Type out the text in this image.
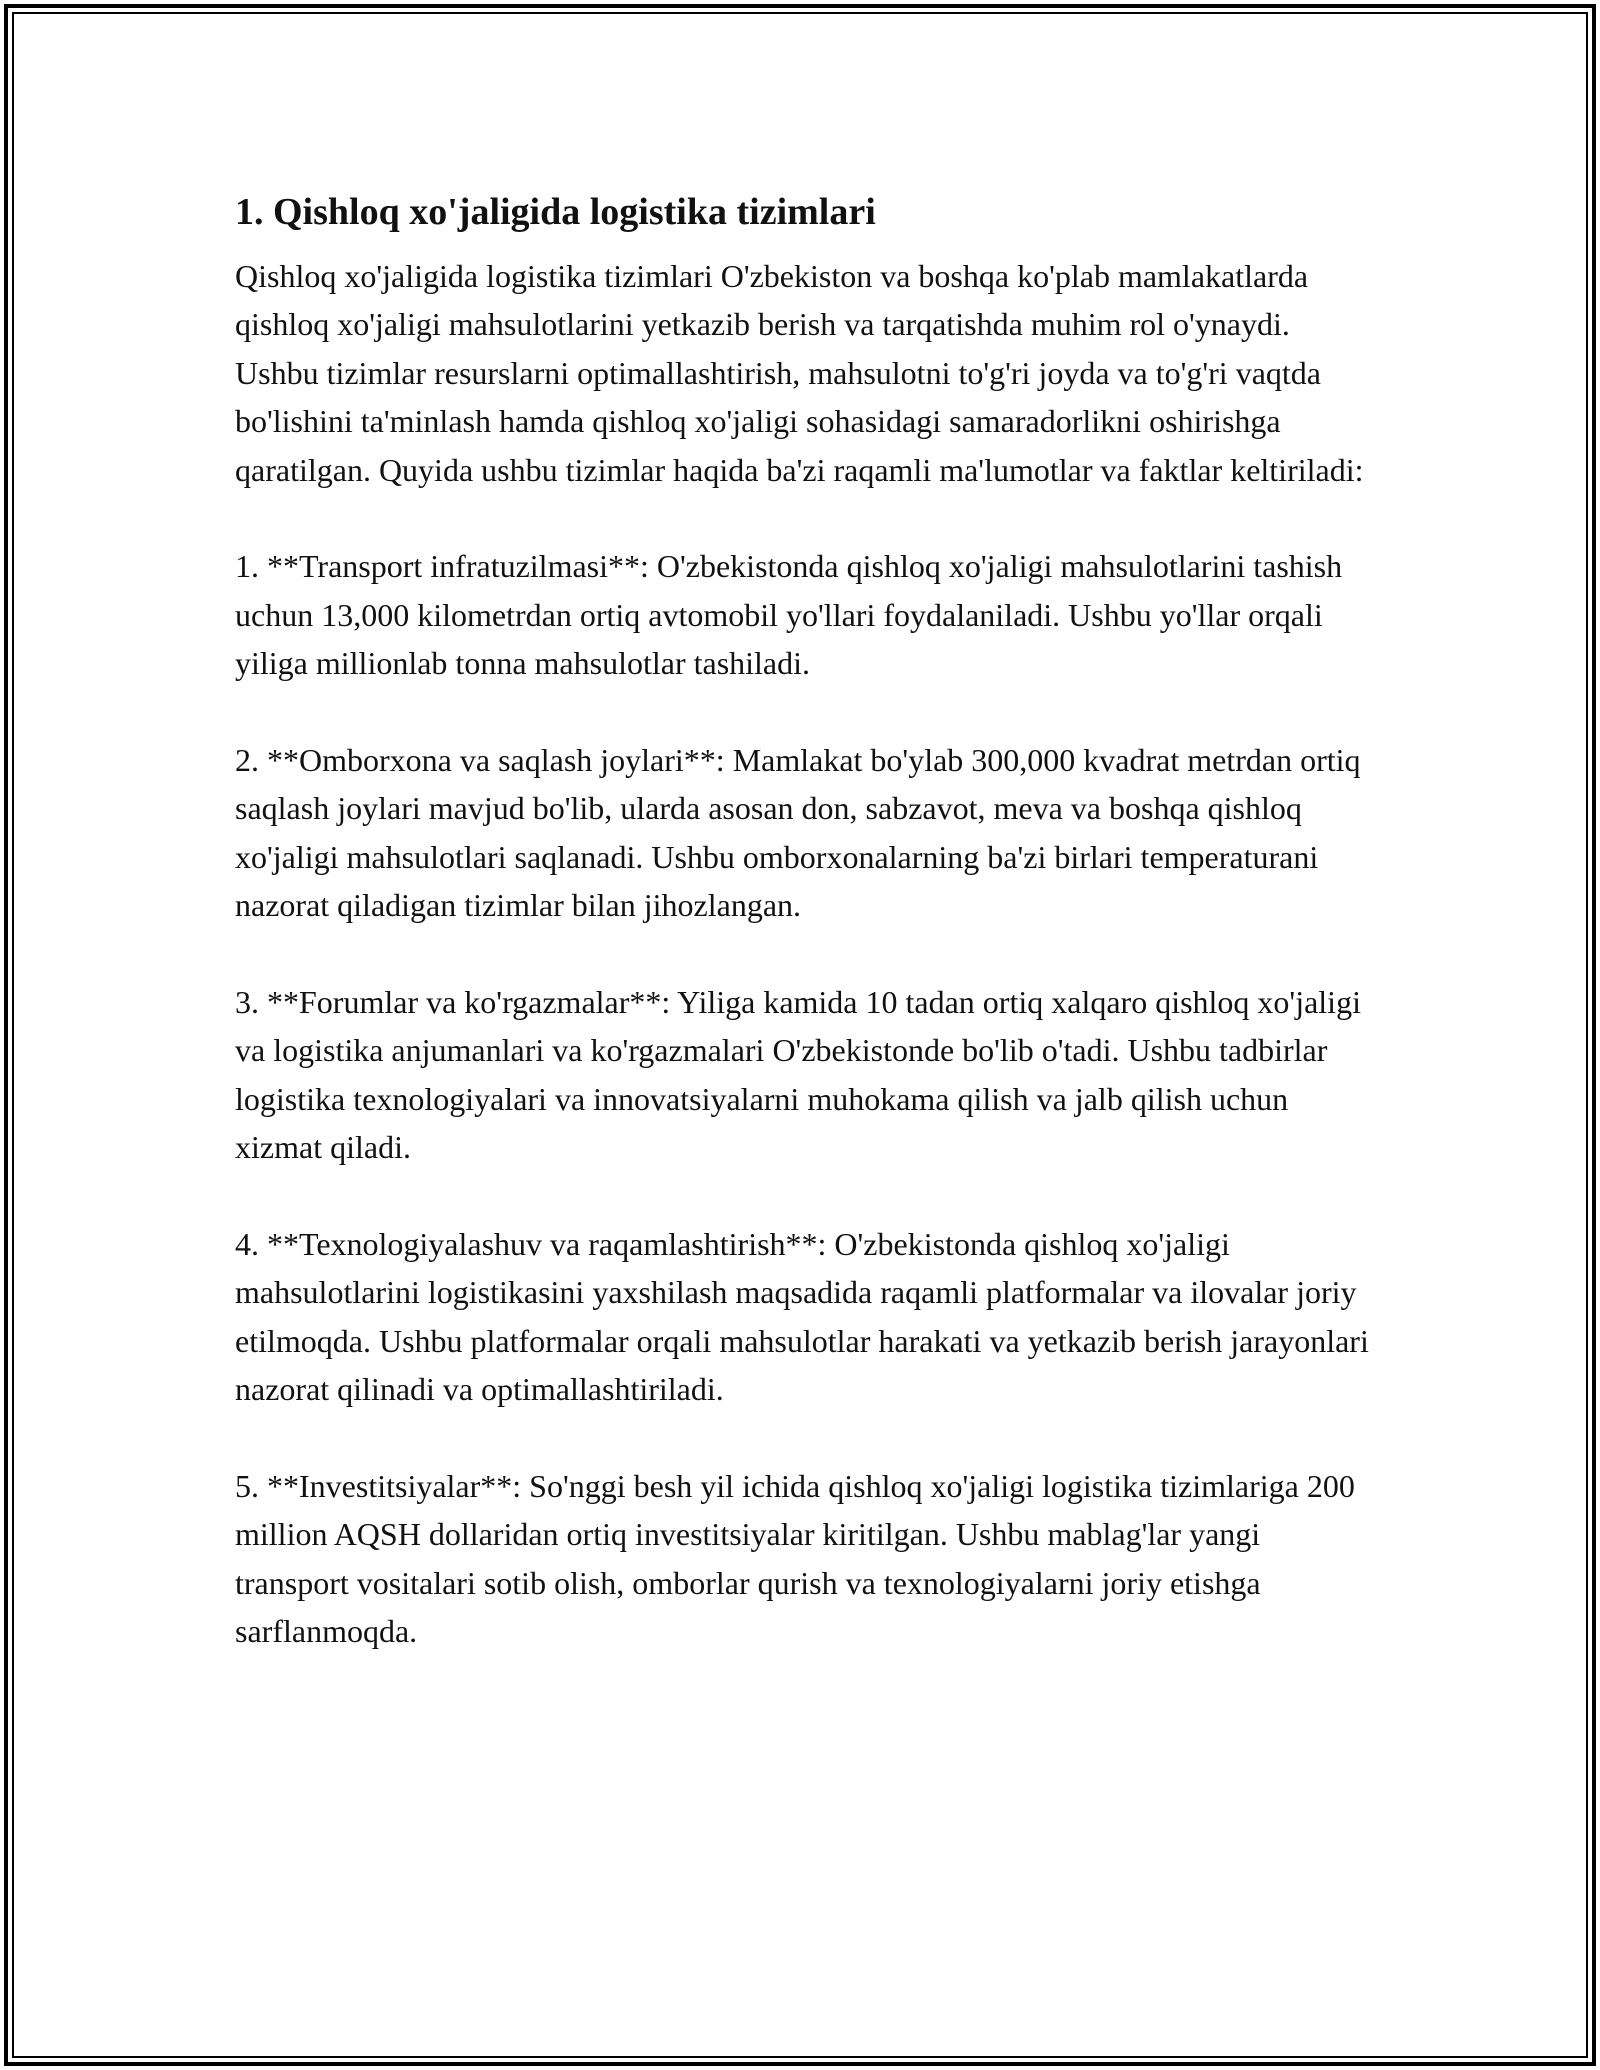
1. Qishloq xo'jaligida logistika tizimlari

Qishloq xo'jaligida logistika tizimlari O'zbekiston va boshqa ko'plab mamlakatlarda qishloq xo'jaligi mahsulotlarini yetkazib berish va tarqatishda muhim rol o'ynaydi. Ushbu tizimlar resurslarni optimallashtirish, mahsulotni to'g'ri joyda va to'g'ri vaqtda bo'lishini ta'minlash hamda qishloq xo'jaligi sohasidagi samaradorlikni oshirishga qaratilgan. Quyida ushbu tizimlar haqida ba'zi raqamli ma'lumotlar va faktlar keltiriladi:

1. **Transport infratuzilmasi**: O'zbekistonda qishloq xo'jaligi mahsulotlarini tashish uchun 13,000 kilometrdan ortiq avtomobil yo'llari foydalaniladi. Ushbu yo'llar orqali yiliga millionlab tonna mahsulotlar tashiladi.

2. **Omborxona va saqlash joylari**: Mamlakat bo'ylab 300,000 kvadrat metrdan ortiq saqlash joylari mavjud bo'lib, ularda asosan don, sabzavot, meva va boshqa qishloq xo'jaligi mahsulotlari saqlanadi. Ushbu omborxonalarning ba'zi birlari temperaturani nazorat qiladigan tizimlar bilan jihozlangan.

3. **Forumlar va ko'rgazmalar**: Yiliga kamida 10 tadan ortiq xalqaro qishloq xo'jaligi va logistika anjumanlari va ko'rgazmalari O'zbekistonde bo'lib o'tadi. Ushbu tadbirlar logistika texnologiyalari va innovatsiyalarni muhokama qilish va jalb qilish uchun xizmat qiladi.

4. **Texnologiyalashuv va raqamlashtirish**: O'zbekistonda qishloq xo'jaligi mahsulotlarini logistikasini yaxshilash maqsadida raqamli platformalar va ilovalar joriy etilmoqda. Ushbu platformalar orqali mahsulotlar harakati va yetkazib berish jarayonlari nazorat qilinadi va optimallashtiriladi.

5. **Investitsiyalar**: So'nggi besh yil ichida qishloq xo'jaligi logistika tizimlariga 200 million AQSH dollaridan ortiq investitsiyalar kiritilgan. Ushbu mablag'lar yangi transport vositalari sotib olish, omborlar qurish va texnologiyalarni joriy etishga sarflanmoqda.
